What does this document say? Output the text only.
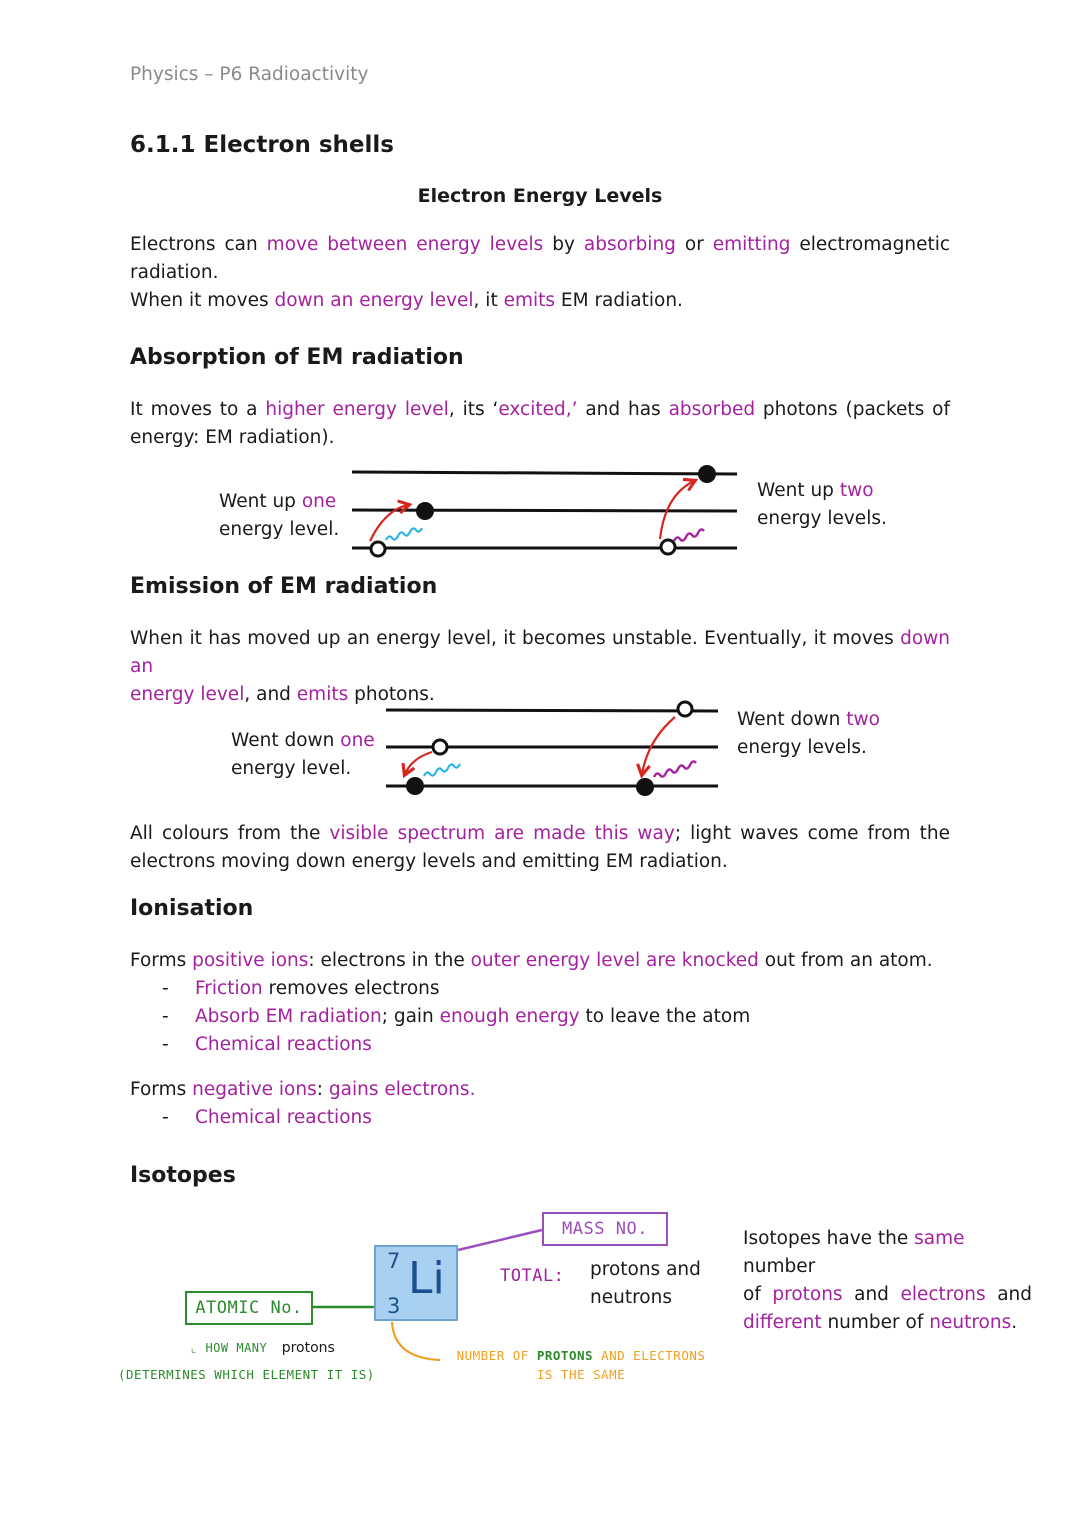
Physics – P6 Radioactivity
6.1.1 Electron shells
Electron Energy Levels
Electrons can move between energy levels by absorbing or emitting electromagnetic
radiation.
When it moves down an energy level, it emits EM radiation.
Absorption of EM radiation
It moves to a higher energy level, its ‘excited,’ and has absorbed photons (packets of
energy: EM radiation).
Went up one
energy level.
Went up two
energy levels.
Emission of EM radiation
When it has moved up an energy level, it becomes unstable. Eventually, it moves down an
energy level, and emits photons.
Went down one
energy level.
Went down two
energy levels.
All colours from the visible spectrum are made this way; light waves come from the
electrons moving down energy levels and emitting EM radiation.
Ionisation
Forms positive ions: electrons in the outer energy level are knocked out from an atom.
- Friction removes electrons
- Absorb EM radiation; gain enough energy to leave the atom
- Chemical reactions
Forms negative ions: gains electrons.
- Chemical reactions
Isotopes
MASS NO.
7 Li
3
TOTAL: protons and
neutrons
ATOMIC No.
⌞ HOW MANY protons
(DETERMINES WHICH ELEMENT IT IS)
NUMBER OF PROTONS AND ELECTRONS
IS THE SAME
Isotopes have the same number
of protons and electrons and
different number of neutrons.
